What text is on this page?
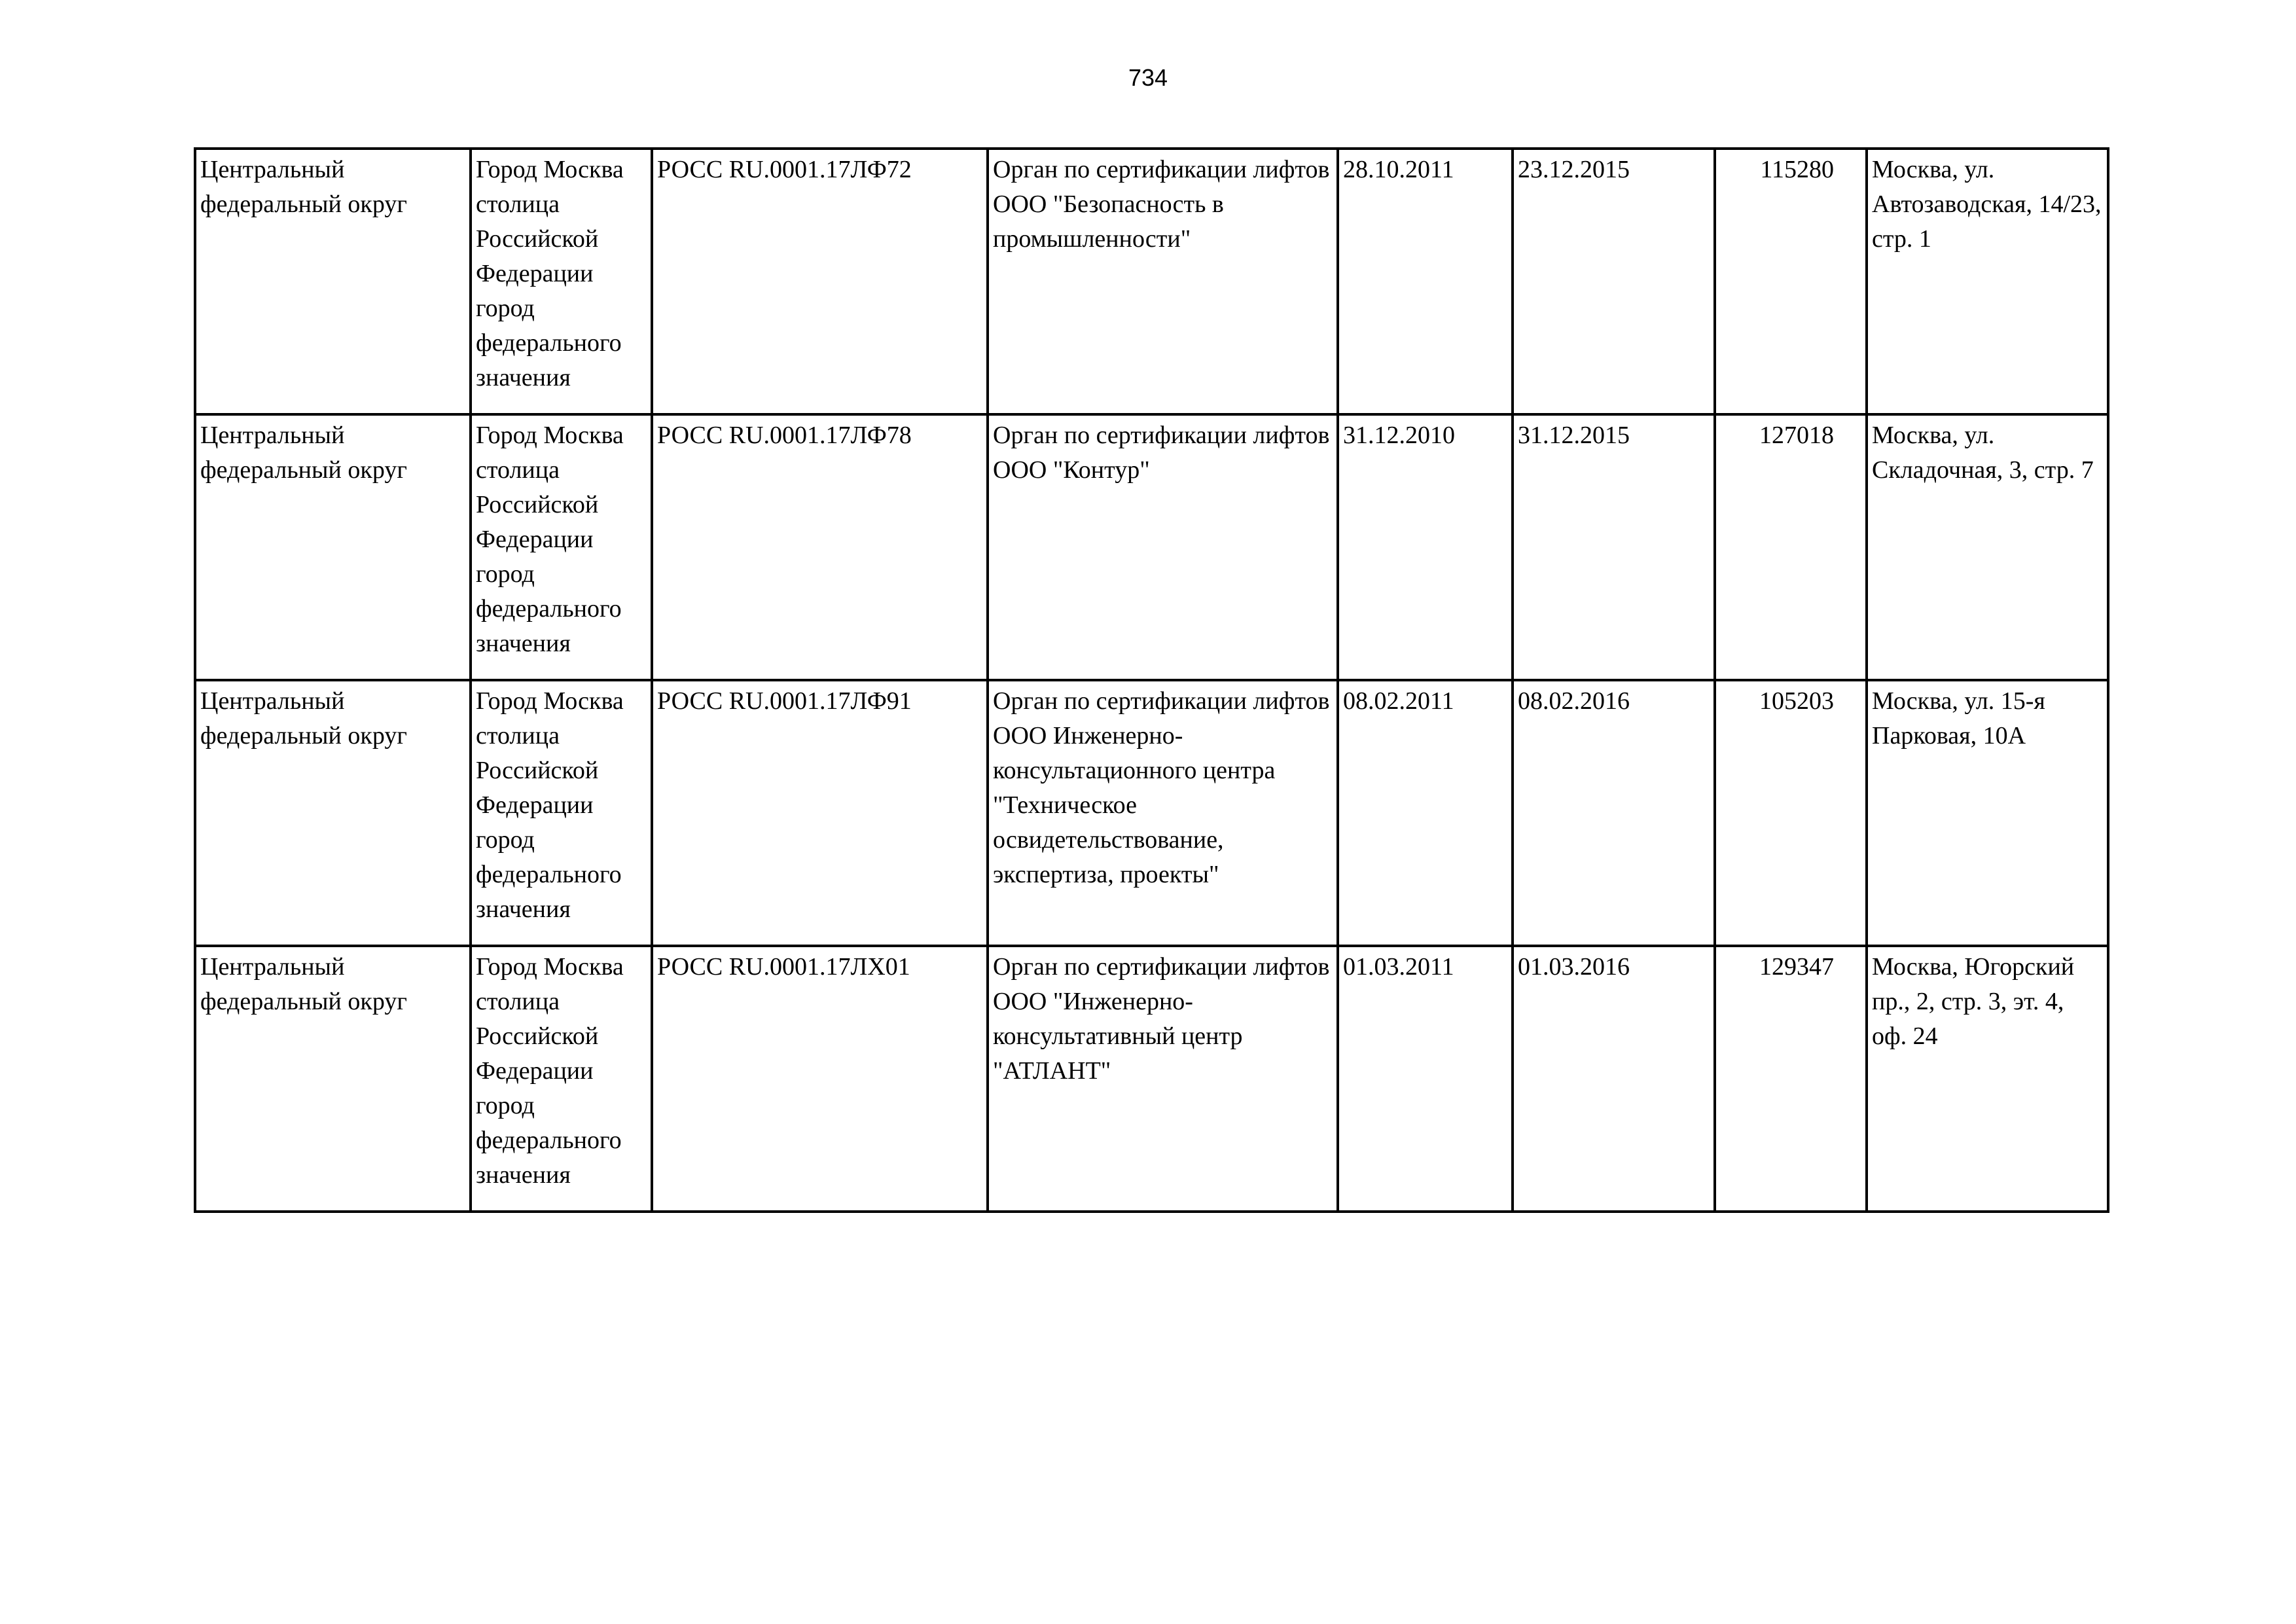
734
Центральный федеральный округ	Город Москва столица Российской Федерации город федерального значения	РОСС RU.0001.17ЛФ72	Орган по сертификации лифтов ООО "Безопасность в промышленности"	28.10.2011	23.12.2015	115280	Москва, ул. Автозаводская, 14/23, стр. 1

Центральный федеральный округ	Город Москва столица Российской Федерации город федерального значения	РОСС RU.0001.17ЛФ78	Орган по сертификации лифтов ООО "Контур"	31.12.2010	31.12.2015	127018	Москва, ул. Складочная, 3, стр. 7

Центральный федеральный округ	Город Москва столица Российской Федерации город федерального значения	РОСС RU.0001.17ЛФ91	Орган по сертификации лифтов ООО Инженерно-консультационного центра "Техническое освидетельствование, экспертиза, проекты"	08.02.2011	08.02.2016	105203	Москва, ул. 15-я Парковая, 10А

Центральный федеральный округ	Город Москва столица Российской Федерации город федерального значения	РОСС RU.0001.17ЛХ01	Орган по сертификации лифтов ООО "Инженерно-консультативный центр "АТЛАНТ"	01.03.2011	01.03.2016	129347	Москва, Югорский пр., 2, стр. 3, эт. 4, оф. 24
